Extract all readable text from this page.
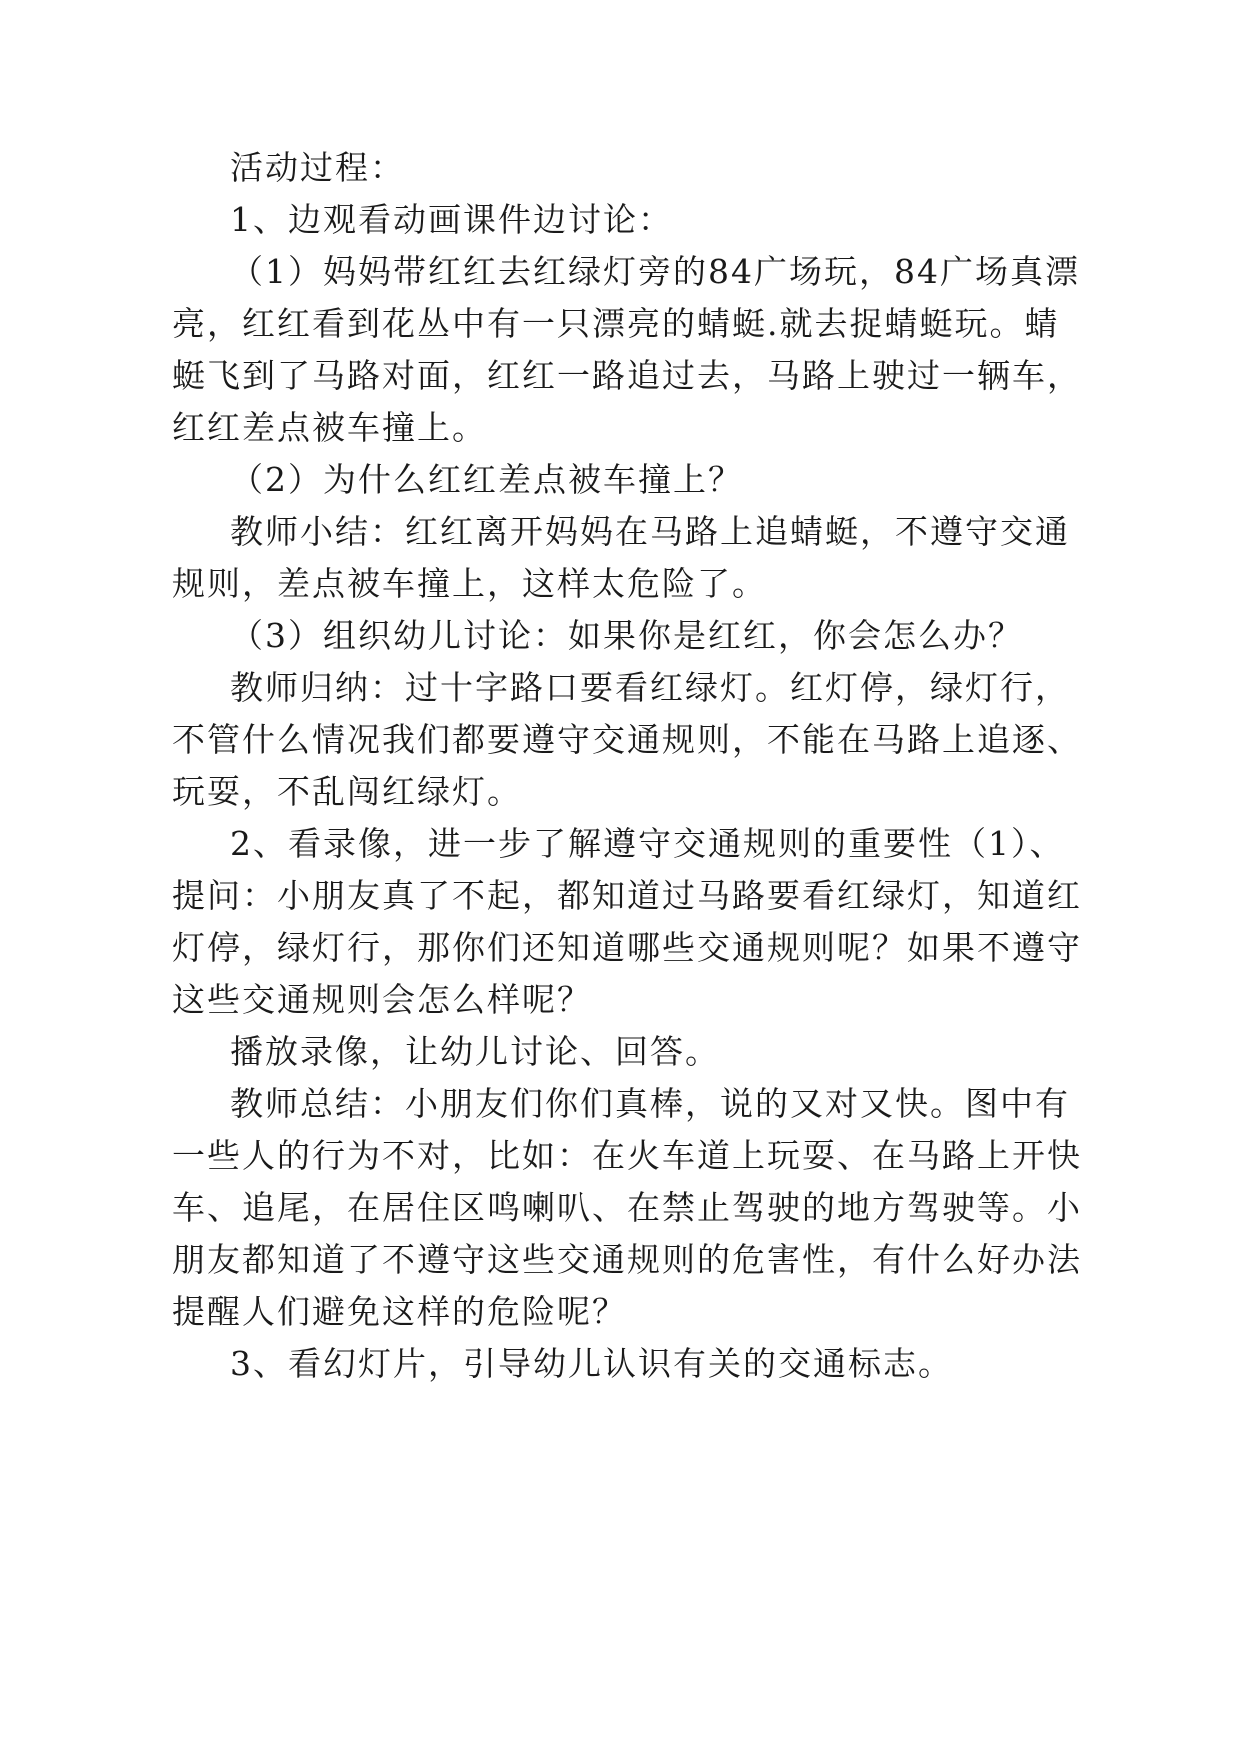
活动过程：
1、边观看动画课件边讨论：
（1）妈妈带红红去红绿灯旁的84广场玩，84广场真漂
亮，红红看到花丛中有一只漂亮的蜻蜓.就去捉蜻蜓玩。蜻
蜓飞到了马路对面，红红一路追过去，马路上驶过一辆车，
红红差点被车撞上。
（2）为什么红红差点被车撞上？
教师小结：红红离开妈妈在马路上追蜻蜓，不遵守交通
规则，差点被车撞上，这样太危险了。
（3）组织幼儿讨论：如果你是红红，你会怎么办？
教师归纳：过十字路口要看红绿灯。红灯停，绿灯行，
不管什么情况我们都要遵守交通规则，不能在马路上追逐、
玩耍，不乱闯红绿灯。
2、看录像，进一步了解遵守交通规则的重要性（1）、
提问：小朋友真了不起，都知道过马路要看红绿灯，知道红
灯停，绿灯行，那你们还知道哪些交通规则呢？如果不遵守
这些交通规则会怎么样呢？
播放录像，让幼儿讨论、回答。
教师总结：小朋友们你们真棒，说的又对又快。图中有
一些人的行为不对，比如：在火车道上玩耍、在马路上开快
车、追尾，在居住区鸣喇叭、在禁止驾驶的地方驾驶等。小
朋友都知道了不遵守这些交通规则的危害性，有什么好办法
提醒人们避免这样的危险呢？
3、看幻灯片，引导幼儿认识有关的交通标志。
